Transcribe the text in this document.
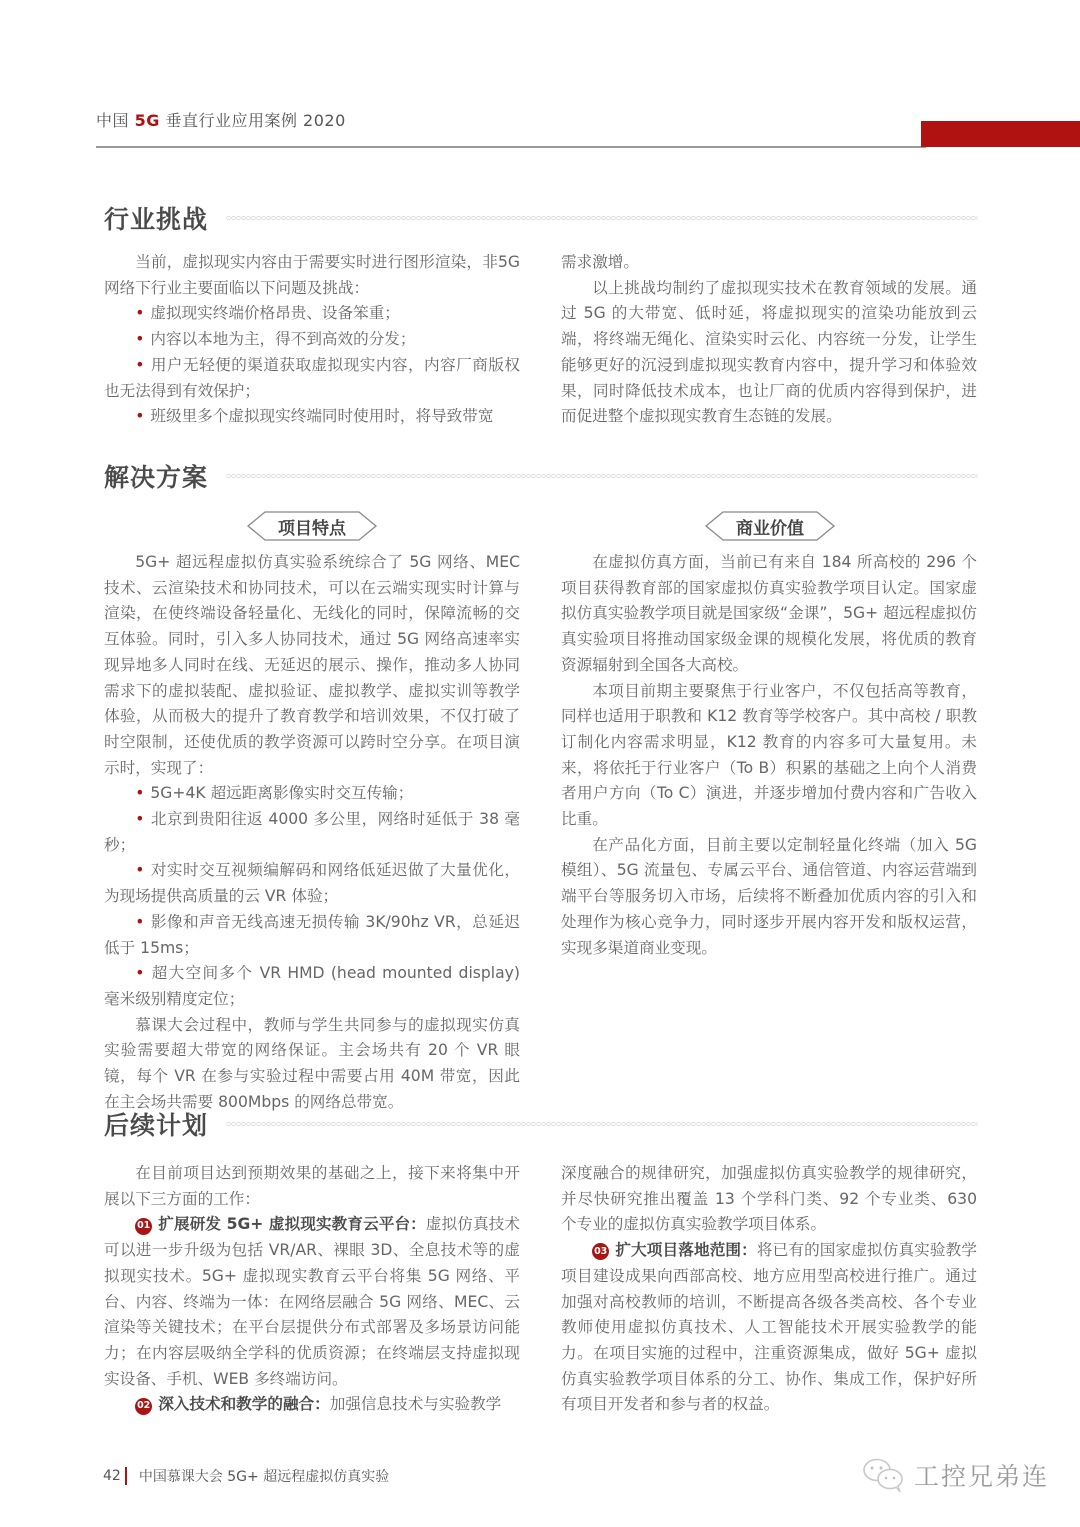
中国 5G 垂直行业应用案例 2020
行业挑战

当前，虚拟现实内容由于需要实时进行图形渲染，非5G 网络下行业主要面临以下问题及挑战：

• 虚拟现实终端价格昂贵、设备笨重；

• 内容以本地为主，得不到高效的分发；

• 用户无轻便的渠道获取虚拟现实内容，内容厂商版权也无法得到有效保护；

• 班级里多个虚拟现实终端同时使用时，将导致带宽

需求激增。

以上挑战均制约了虚拟现实技术在教育领域的发展。通过 5G 的大带宽、低时延，将虚拟现实的渲染功能放到云端，将终端无绳化、渲染实时云化、内容统一分发，让学生能够更好的沉浸到虚拟现实教育内容中，提升学习和体验效果，同时降低技术成本，也让厂商的优质内容得到保护，进而促进整个虚拟现实教育生态链的发展。

解决方案
项目特点	商业价值

5G+ 超远程虚拟仿真实验系统综合了 5G 网络、MEC 技术、云渲染技术和协同技术，可以在云端实现实时计算与渲染，在使终端设备轻量化、无线化的同时，保障流畅的交互体验。同时，引入多人协同技术，通过 5G 网络高速率实现异地多人同时在线、无延迟的展示、操作，推动多人协同需求下的虚拟装配、虚拟验证、虚拟教学、虚拟实训等教学体验，从而极大的提升了教育教学和培训效果，不仅打破了时空限制，还使优质的教学资源可以跨时空分享。在项目演示时，实现了：

• 5G+4K 超远距离影像实时交互传输；

• 北京到贵阳往返 4000 多公里，网络时延低于 38 毫秒；

• 对实时交互视频编解码和网络低延迟做了大量优化，为现场提供高质量的云 VR 体验；

• 影像和声音无线高速无损传输 3K/90hz VR，总延迟低于 15ms；

• 超大空间多个 VR HMD (head mounted display) 毫米级别精度定位；

慕课大会过程中，教师与学生共同参与的虚拟现实仿真实验需要超大带宽的网络保证。主会场共有 20 个 VR 眼镜，每个 VR 在参与实验过程中需要占用 40M 带宽，因此在主会场共需要 800Mbps 的网络总带宽。

在虚拟仿真方面，当前已有来自 184 所高校的 296 个项目获得教育部的国家虚拟仿真实验教学项目认定。国家虚拟仿真实验教学项目就是国家级“金课”，5G+ 超远程虚拟仿真实验项目将推动国家级金课的规模化发展，将优质的教育资源辐射到全国各大高校。

本项目前期主要聚焦于行业客户，不仅包括高等教育，同样也适用于职教和 K12 教育等学校客户。其中高校 / 职教订制化内容需求明显，K12 教育的内容多可大量复用。未来，将依托于行业客户（To B）积累的基础之上向个人消费者用户方向（To C）演进，并逐步增加付费内容和广告收入比重。

在产品化方面，目前主要以定制轻量化终端（加入 5G 模组）、5G 流量包、专属云平台、通信管道、内容运营端到端平台等服务切入市场，后续将不断叠加优质内容的引入和处理作为核心竞争力，同时逐步开展内容开发和版权运营，实现多渠道商业变现。

后续计划

在目前项目达到预期效果的基础之上，接下来将集中开展以下三方面的工作：

01 扩展研发 5G+ 虚拟现实教育云平台：虚拟仿真技术可以进一步升级为包括 VR/AR、裸眼 3D、全息技术等的虚拟现实技术。5G+ 虚拟现实教育云平台将集 5G 网络、平台、内容、终端为一体：在网络层融合 5G 网络、MEC、云渲染等关键技术；在平台层提供分布式部署及多场景访问能力；在内容层吸纳全学科的优质资源；在终端层支持虚拟现实设备、手机、WEB 多终端访问。

02 深入技术和教学的融合：加强信息技术与实验教学

深度融合的规律研究，加强虚拟仿真实验教学的规律研究，并尽快研究推出覆盖 13 个学科门类、92 个专业类、630 个专业的虚拟仿真实验教学项目体系。

03 扩大项目落地范围：将已有的国家虚拟仿真实验教学项目建设成果向西部高校、地方应用型高校进行推广。通过加强对高校教师的培训，不断提高各级各类高校、各个专业教师使用虚拟仿真技术、人工智能技术开展实验教学的能力。在项目实施的过程中，注重资源集成，做好 5G+ 虚拟仿真实验教学项目体系的分工、协作、集成工作，保护好所有项目开发者和参与者的权益。

42 中国慕课大会 5G+ 超远程虚拟仿真实验	工控兄弟连
